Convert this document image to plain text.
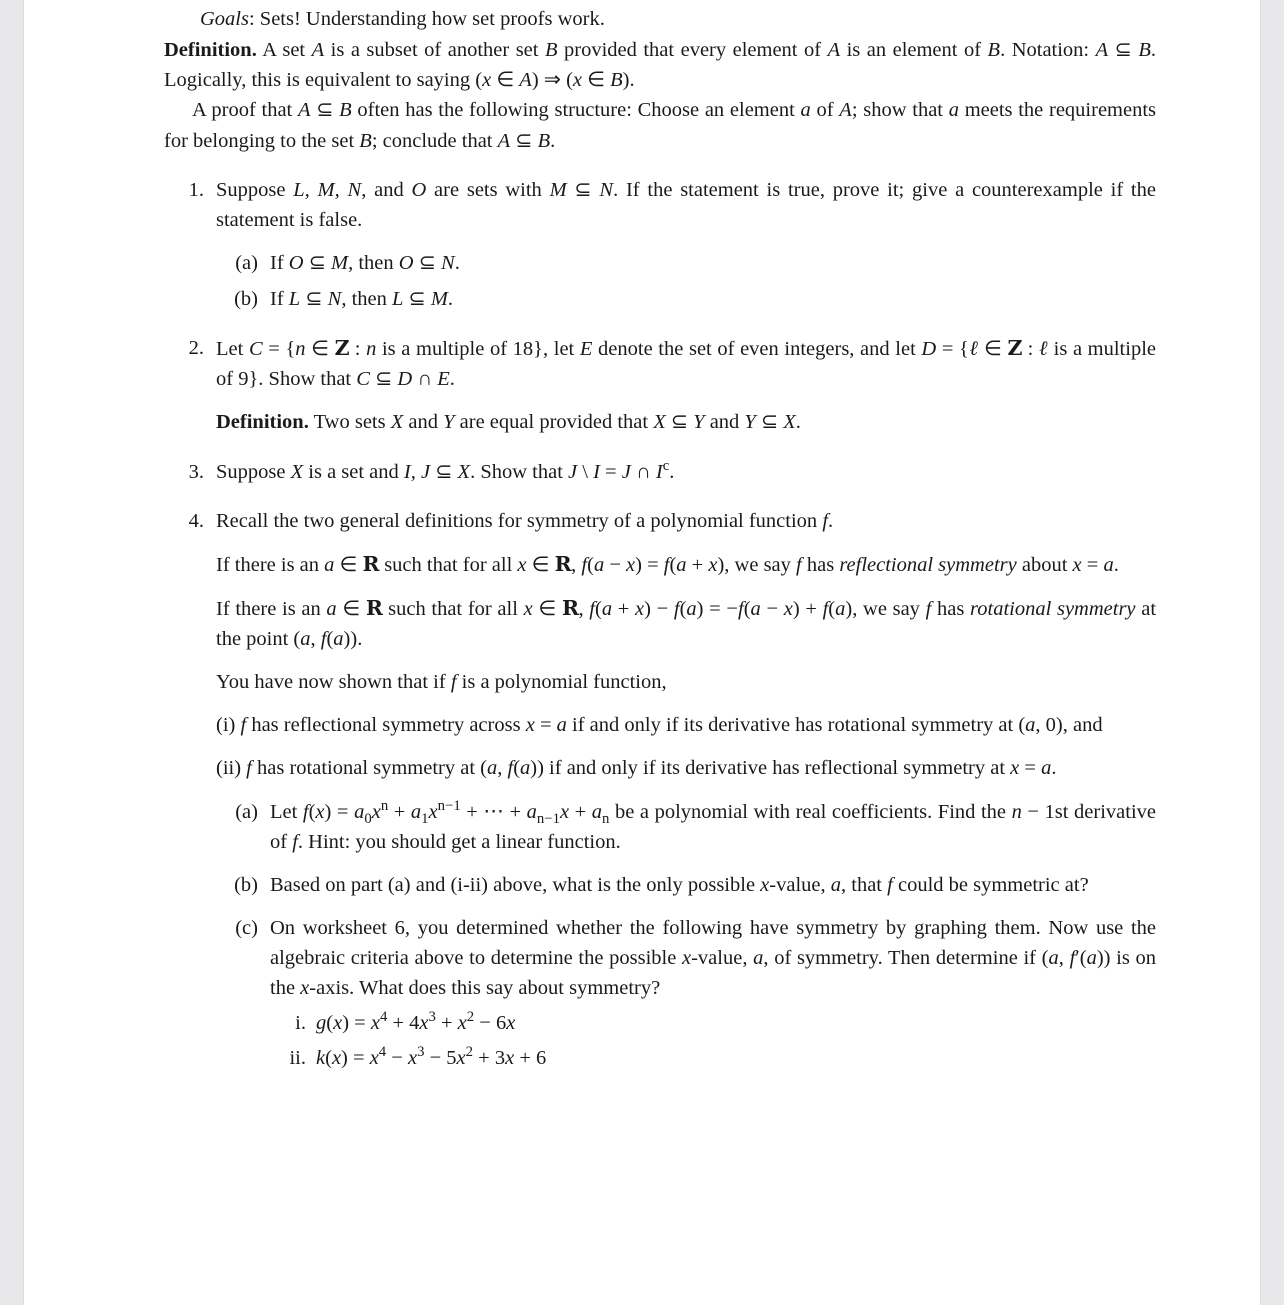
Goals: Sets! Understanding how set proofs work.

Definition. A set A is a subset of another set B provided that every element of A is an element of B. Notation: A ⊆ B. Logically, this is equivalent to saying (x ∈ A) ⇒ (x ∈ B).

A proof that A ⊆ B often has the following structure: Choose an element a of A; show that a meets the requirements for belonging to the set B; conclude that A ⊆ B.

1. Suppose L, M, N, and O are sets with M ⊆ N. If the statement is true, prove it; give a counterexample if the statement is false.
(a) If O ⊆ M, then O ⊆ N.
(b) If L ⊆ N, then L ⊆ M.
2. Let C = {n ∈ Z : n is a multiple of 18}, let E denote the set of even integers, and let D = {ℓ ∈ Z : ℓ is a multiple of 9}. Show that C ⊆ D ∩ E.
Definition. Two sets X and Y are equal provided that X ⊆ Y and Y ⊆ X.
3. Suppose X is a set and I, J ⊆ X. Show that J \ I = J ∩ $I^c$.
4. Recall the two general definitions for symmetry of a polynomial function f.
If there is an a ∈ R such that for all x ∈ R, f(a − x) = f(a + x), we say f has reflectional symmetry about x = a.
If there is an a ∈ R such that for all x ∈ R, f(a + x) − f(a) = −f(a − x) + f(a), we say f has rotational symmetry at the point (a, f(a)).
You have now shown that if f is a polynomial function,
(i) f has reflectional symmetry across x = a if and only if its derivative has rotational symmetry at (a, 0), and
(ii) f has rotational symmetry at (a, f(a)) if and only if its derivative has reflectional symmetry at x = a.
(a) Let $f(x) = a_0x^n + a_1x^{n-1}$ + ⋯ + $a_{n-1}x + a_n$ be a polynomial with real coefficients. Find the n − 1st derivative of f. Hint: you should get a linear function.
(b) Based on part (a) and (i-ii) above, what is the only possible x-value, a, that f could be symmetric at?
(c) On worksheet 6, you determined whether the following have symmetry by graphing them. Now use the algebraic criteria above to determine the possible x-value, a, of symmetry. Then determine if (a, f′(a)) is on the x-axis. What does this say about symmetry?
i. $g(x) = x^4 + 4x^3 + x^2 - 6x$
ii. $k(x) = x^4 - x^3 - 5x^2 + 3x + 6$
